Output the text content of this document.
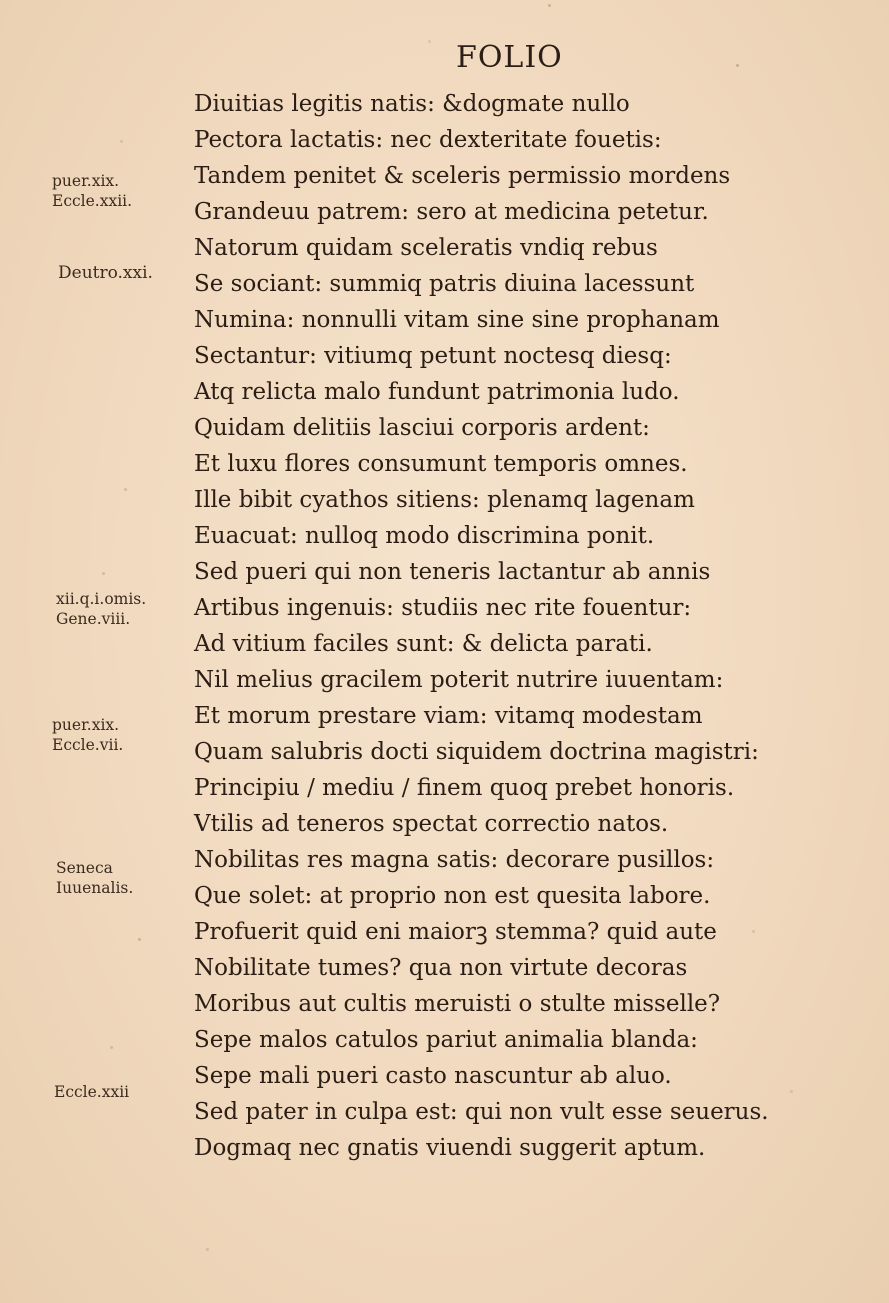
FOLIO
Diuitias legitis natis: &dogmate nullo
Pectora lactatis: nec dexteritate fouetis:
Tandem penitet & sceleris permissio mordens
Grandeuu patrem: sero at medicina petetur.
Natorum quidam sceleratis vndiq rebus
Se sociant: summiq patris diuina lacessunt
Numina: nonnulli vitam sine sine prophanam
Sectantur: vitiumq petunt noctesq diesq:
Atq relicta malo fundunt patrimonia ludo.
Quidam delitiis lasciui corporis ardent:
Et luxu flores consumunt temporis omnes.
Ille bibit cyathos sitiens: plenamq lagenam
Euacuat: nulloq modo discrimina ponit.
Sed pueri qui non teneris lactantur ab annis
Artibus ingenuis: studiis nec rite fouentur:
Ad vitium faciles sunt: & delicta parati.
Nil melius gracilem poterit nutrire iuuentam:
Et morum prestare viam: vitamq modestam
Quam salubris docti siquidem doctrina magistri:
Principiu / mediu / finem quoq prebet honoris.
Vtilis ad teneros spectat correctio natos.
Nobilitas res magna satis: decorare pusillos:
Que solet: at proprio non est quesita labore.
Profuerit quid eni maiorꝫ stemma? quid aute
Nobilitate tumes? qua non virtute decoras
Moribus aut cultis meruisti o stulte misselle?
Sepe malos catulos pariut animalia blanda:
Sepe mali pueri casto nascuntur ab aluo.
Sed pater in culpa est: qui non vult esse seuerus.
Dogmaq nec gnatis viuendi suggerit aptum.
puer.xix.
Eccle.xxii.
Deutro.xxi.
xii.q.i.omis.
Gene.viii.
puer.xix.
Eccle.vii.
Seneca
Iuuenalis.
Eccle.xxii
